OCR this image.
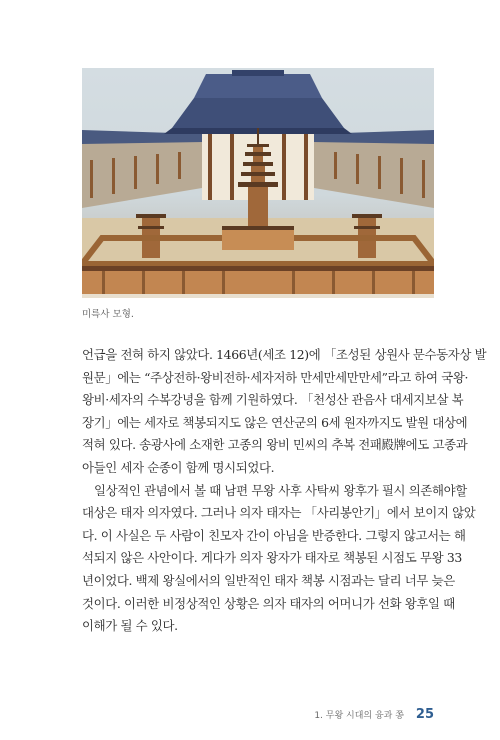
미륵사 모형.

언급을 전혀 하지 않았다. 1466년(세조 12)에 「조성된 상원사 문수동자상 발
원문」에는 “주상전하·왕비전하·세자저하 만세만세만만세”라고 하여 국왕·
왕비·세자의 수복강녕을 함께 기원하였다. 「천성산 관음사 대세지보살 복
장기」에는 세자로 책봉되지도 않은 연산군의 6세 원자까지도 발원 대상에
적혀 있다. 송광사에 소재한 고종의 왕비 민씨의 추복 전패殿牌에도 고종과
아들인 세자 순종이 함께 명시되었다.

일상적인 관념에서 볼 때 남편 무왕 사후 사탁씨 왕후가 필시 의존해야할
대상은 태자 의자였다. 그러나 의자 태자는 「사리봉안기」에서 보이지 않았
다. 이 사실은 두 사람이 친모자 간이 아님을 반증한다. 그렇지 않고서는 해
석되지 않은 사안이다. 게다가 의자 왕자가 태자로 책봉된 시점도 무왕 33
년이었다. 백제 왕실에서의 일반적인 태자 책봉 시점과는 달리 너무 늦은
것이다. 이러한 비정상적인 상황은 의자 태자의 어머니가 선화 왕후일 때
이해가 될 수 있다.

1. 무왕 시대의 융과 쫑 25
